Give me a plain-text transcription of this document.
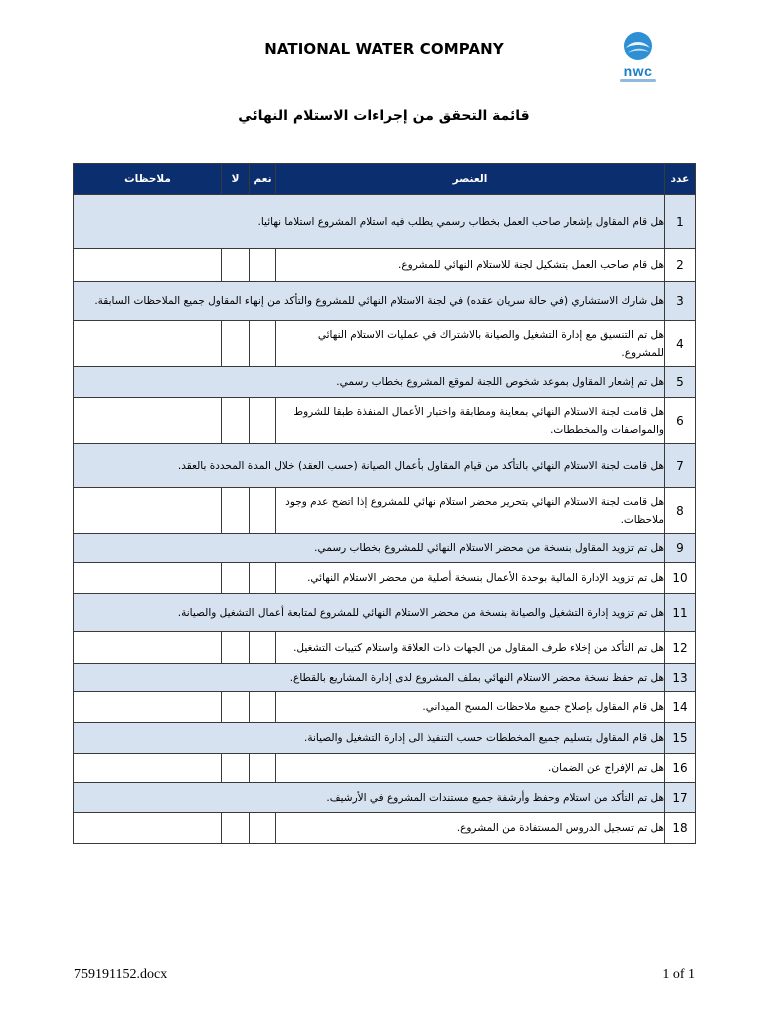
NATIONAL WATER COMPANY
nwc
قائمة التحقق من إجراءات الاستلام النهائي
ملاحظات	لا	نعم	العنصر	عدد
هل قام المقاول بإشعار صاحب العمل بخطاب رسمي يطلب فيه استلام المشروع استلاما نهائيا.				1
			هل قام صاحب العمل بتشكيل لجنة للاستلام النهائي للمشروع.	2
هل شارك الاستشاري (في حالة سريان عقده) في لجنة الاستلام النهائي للمشروع والتأكد من إنهاء المقاول جميع الملاحظات السابقة.				3
			هل تم التنسيق مع إدارة التشغيل والصيانة بالاشتراك في عمليات الاستلام النهائي للمشروع.	4
هل تم إشعار المقاول بموعد شخوص اللجنة لموقع المشروع بخطاب رسمي.				5
			هل قامت لجنة الاستلام النهائي بمعاينة ومطابقة واختبار الأعمال المنفذة طبقا للشروط والمواصفات والمخططات.	6
هل قامت لجنة الاستلام النهائي بالتأكد من قيام المقاول بأعمال الصيانة (حسب العقد) خلال المدة المحددة بالعقد.				7
			هل قامت لجنة الاستلام النهائي بتحرير محضر استلام نهائي للمشروع إذا اتضح عدم وجود ملاحظات.	8
هل تم تزويد المقاول بنسخة من محضر الاستلام النهائي للمشروع بخطاب رسمي.				9
			هل تم تزويد الإدارة المالية بوحدة الأعمال بنسخة أصلية من محضر الاستلام النهائي.	10
هل تم تزويد إدارة التشغيل والصيانة بنسخة من محضر الاستلام النهائي للمشروع لمتابعة أعمال التشغيل والصيانة.				11
			هل تم التأكد من إخلاء طرف المقاول من الجهات ذات العلاقة واستلام كتيبات التشغيل.	12
هل تم حفظ نسخة محضر الاستلام النهائي بملف المشروع لدى إدارة المشاريع بالقطاع.				13
			هل قام المقاول بإصلاح جميع ملاحظات المسح الميداني.	14
هل قام المقاول بتسليم جميع المخططات حسب التنفيذ الى إدارة التشغيل والصيانة.				15
			هل تم الإفراج عن الضمان.	16
هل تم التأكد من استلام وحفظ وأرشفة جميع مستندات المشروع في الأرشيف.				17
			هل تم تسجيل الدروس المستفادة من المشروع.	18
759191152.docx	1 of 1
